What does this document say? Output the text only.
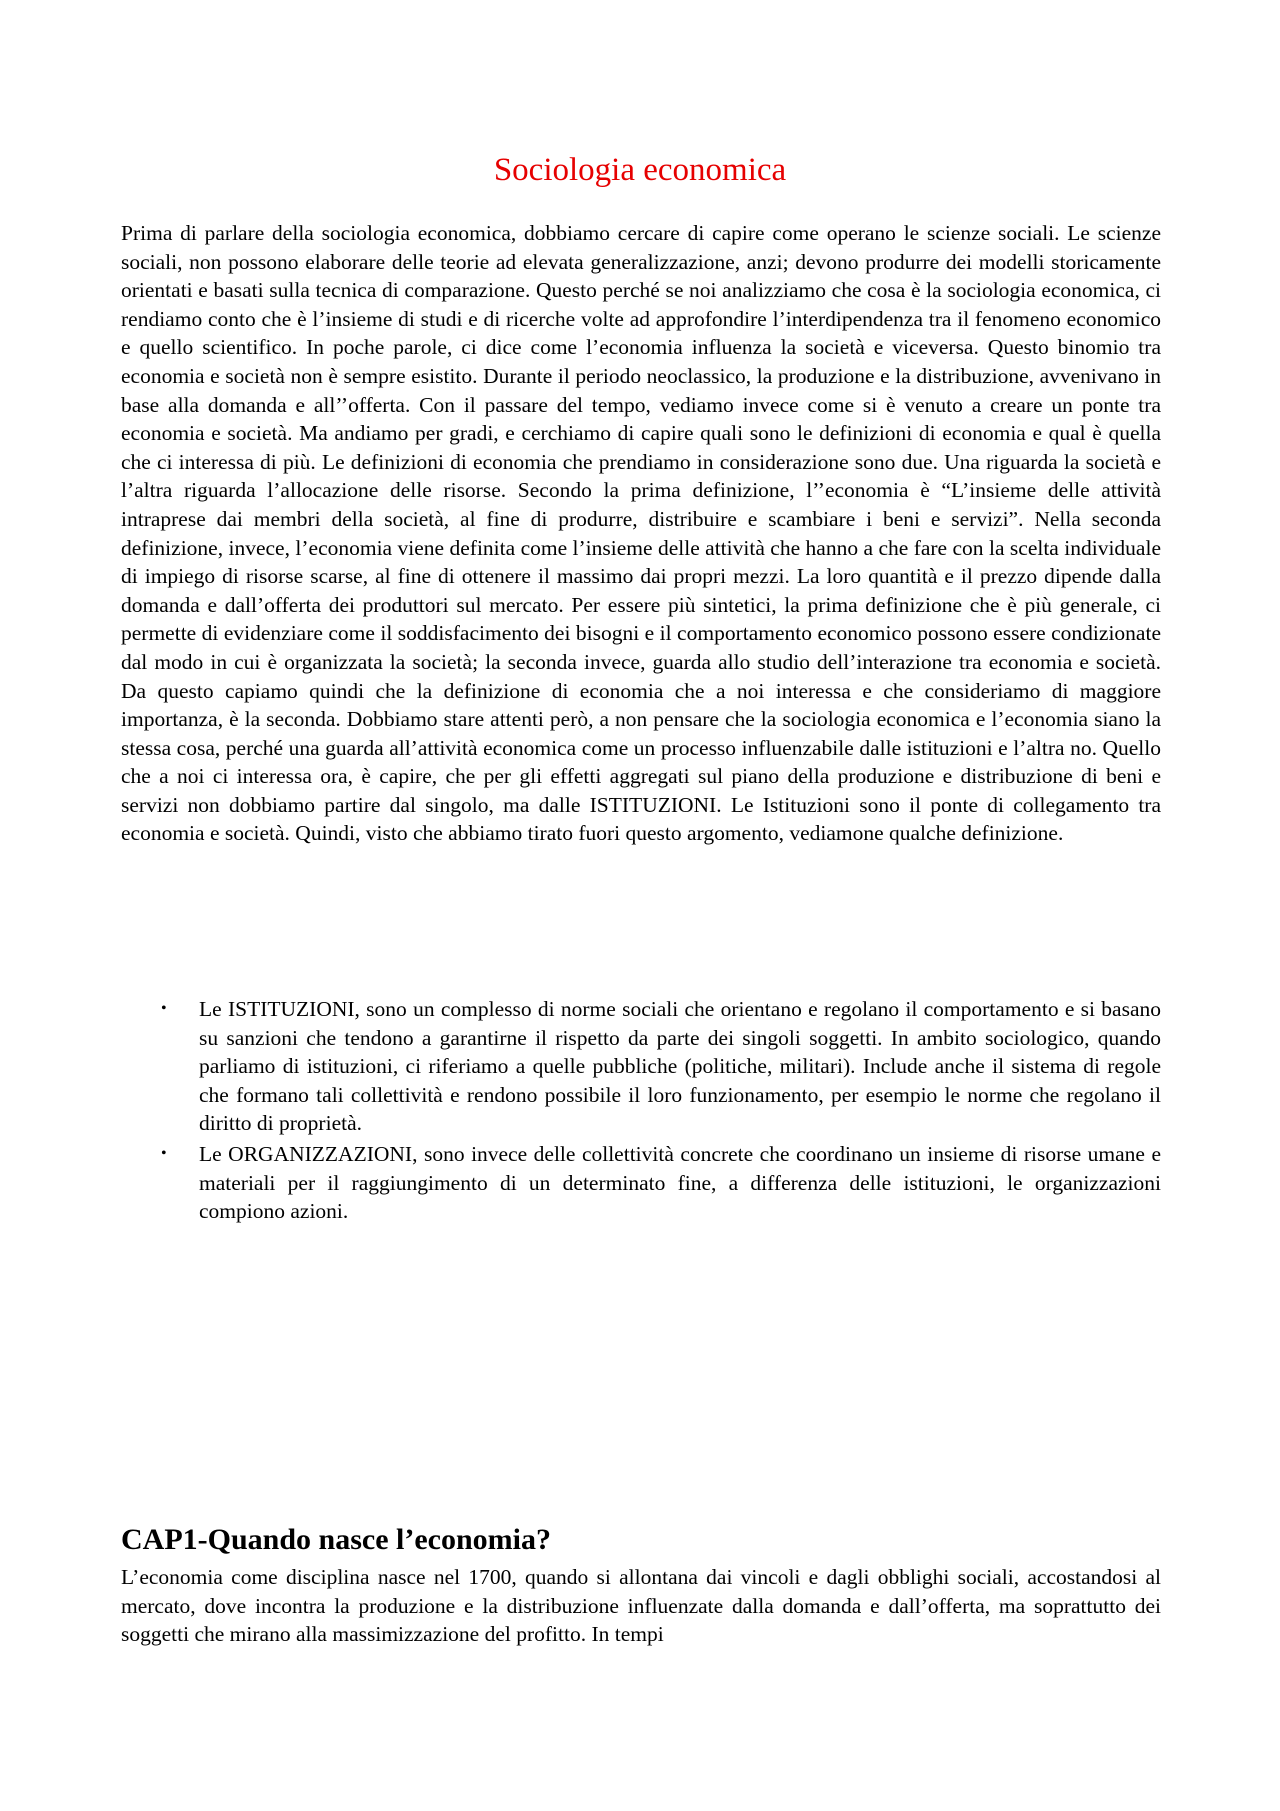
Sociologia economica

Prima di parlare della sociologia economica, dobbiamo cercare di capire come operano le scienze sociali. Le scienze sociali, non possono elaborare delle teorie ad elevata generalizzazione, anzi; devono produrre dei modelli storicamente orientati e basati sulla tecnica di comparazione. Questo perché se noi analizziamo che cosa è la sociologia economica, ci rendiamo conto che è l’insieme di studi e di ricerche volte ad approfondire l’interdipendenza tra il fenomeno economico e quello scientifico. In poche parole, ci dice come l’economia influenza la società e viceversa. Questo binomio tra economia e società non è sempre esistito. Durante il periodo neoclassico, la produzione e la distribuzione, avvenivano in base alla domanda e all’’offerta. Con il passare del tempo, vediamo invece come si è venuto a creare un ponte tra economia e società. Ma andiamo per gradi, e cerchiamo di capire quali sono le definizioni di economia e qual è quella che ci interessa di più. Le definizioni di economia che prendiamo in considerazione sono due. Una riguarda la società e l’altra riguarda l’allocazione delle risorse. Secondo la prima definizione, l’’economia è “L’insieme delle attività intraprese dai membri della società, al fine di produrre, distribuire e scambiare i beni e servizi”. Nella seconda definizione, invece, l’economia viene definita come l’insieme delle attività che hanno a che fare con la scelta individuale di impiego di risorse scarse, al fine di ottenere il massimo dai propri mezzi. La loro quantità e il prezzo dipende dalla domanda e dall’offerta dei produttori sul mercato. Per essere più sintetici, la prima definizione che è più generale, ci permette di evidenziare come il soddisfacimento dei bisogni e il comportamento economico possono essere condizionate dal modo in cui è organizzata la società; la seconda invece, guarda allo studio dell’interazione tra economia e società. Da questo capiamo quindi che la definizione di economia che a noi interessa e che consideriamo di maggiore importanza, è la seconda. Dobbiamo stare attenti però, a non pensare che la sociologia economica e l’economia siano la stessa cosa, perché una guarda all’attività economica come un processo influenzabile dalle istituzioni e l’altra no. Quello che a noi ci interessa ora, è capire, che per gli effetti aggregati sul piano della produzione e distribuzione di beni e servizi non dobbiamo partire dal singolo, ma dalle ISTITUZIONI. Le Istituzioni sono il ponte di collegamento tra economia e società. Quindi, visto che abbiamo tirato fuori questo argomento, vediamone qualche definizione.

• Le ISTITUZIONI, sono un complesso di norme sociali che orientano e regolano il comportamento e si basano su sanzioni che tendono a garantirne il rispetto da parte dei singoli soggetti. In ambito sociologico, quando parliamo di istituzioni, ci riferiamo a quelle pubbliche (politiche, militari). Include anche il sistema di regole che formano tali collettività e rendono possibile il loro funzionamento, per esempio le norme che regolano il diritto di proprietà.
• Le ORGANIZZAZIONI, sono invece delle collettività concrete che coordinano un insieme di risorse umane e materiali per il raggiungimento di un determinato fine, a differenza delle istituzioni, le organizzazioni compiono azioni.
CAP1-Quando nasce l’economia?

L’economia come disciplina nasce nel 1700, quando si allontana dai vincoli e dagli obblighi sociali, accostandosi al mercato, dove incontra la produzione e la distribuzione influenzate dalla domanda e dall’offerta, ma soprattutto dei soggetti che mirano alla massimizzazione del profitto. In tempi
